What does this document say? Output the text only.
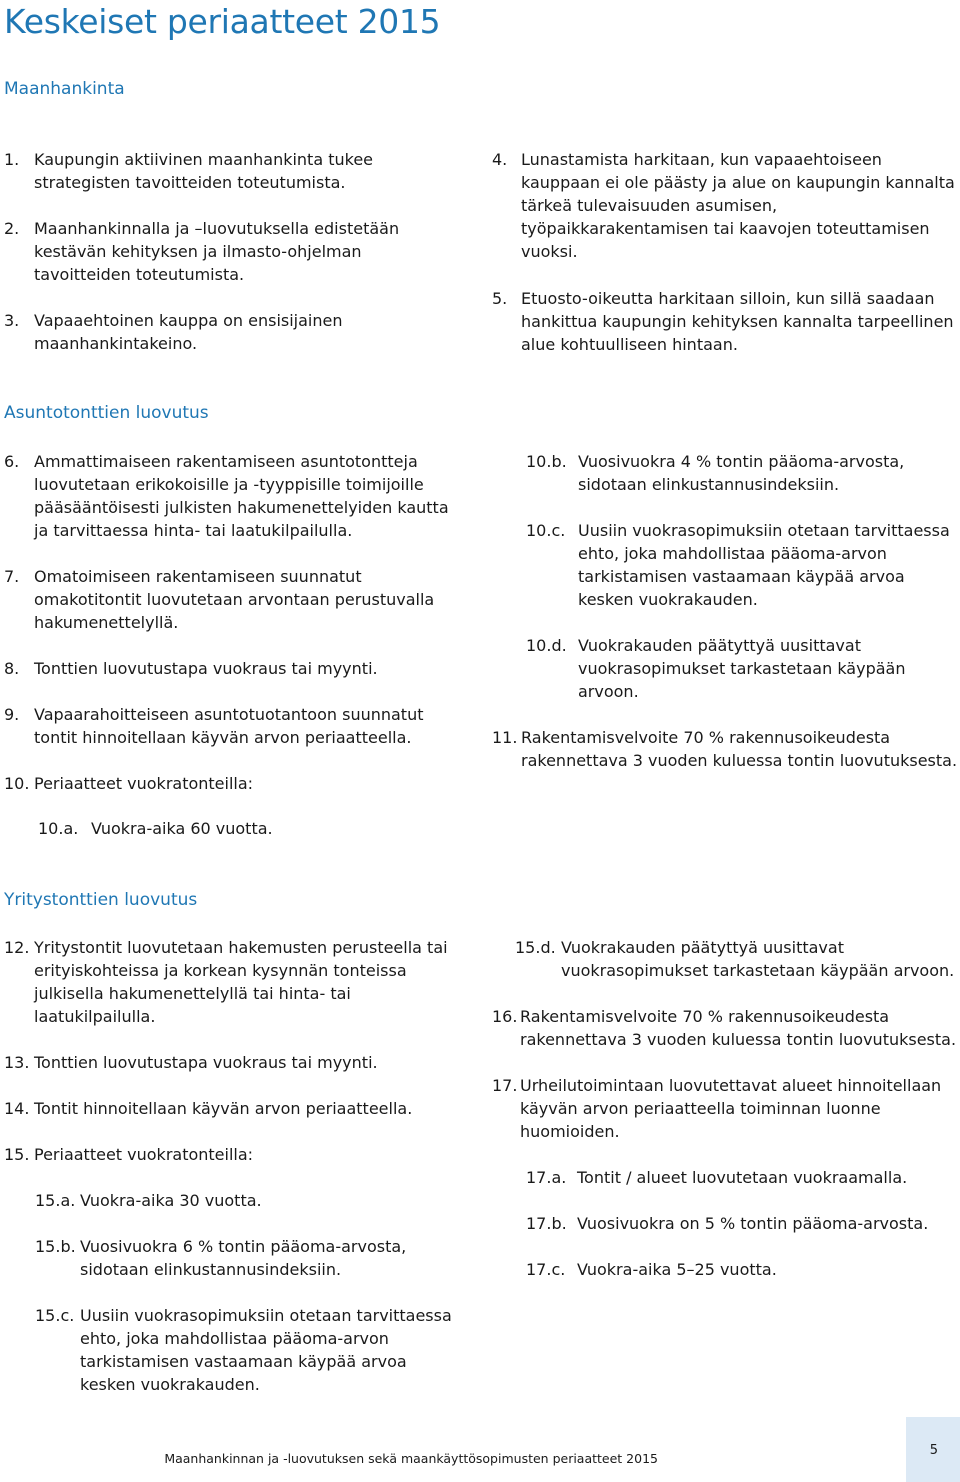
Keskeiset periaatteet 2015
Maanhankinta
1. Kaupungin aktiivinen maanhankinta tukee strategisten tavoitteiden toteutumista.
2. Maanhankinnalla ja –luovutuksella edistetään kestävän kehityksen ja ilmasto-ohjelman tavoitteiden toteutumista.
3. Vapaaehtoinen kauppa on ensisijainen maanhankintakeino.
4. Lunastamista harkitaan, kun vapaaehtoiseen kauppaan ei ole päästy ja alue on kaupungin kannalta tärkeä tulevaisuuden asumisen, työpaikkarakentamisen tai kaavojen toteuttamisen vuoksi.
5. Etuosto-oikeutta harkitaan silloin, kun sillä saadaan hankittua kaupungin kehityksen kannalta tarpeellinen alue kohtuulliseen hintaan.
Asuntotonttien luovutus
6. Ammattimaiseen rakentamiseen asuntotontteja luovutetaan erikokoisille ja -tyyppisille toimijoille pääsääntöisesti julkisten hakumenettelyiden kautta ja tarvittaessa hinta- tai laatukilpailulla.
7. Omatoimiseen rakentamiseen suunnatut omakotitontit luovutetaan arvontaan perustuvalla hakumenettelyllä.
8. Tonttien luovutustapa vuokraus tai myynti.
9. Vapaarahoitteiseen asuntotuotantoon suunnatut tontit hinnoitellaan käyvän arvon periaatteella.
10. Periaatteet vuokratonteilla:
10.a. Vuokra-aika 60 vuotta.
10.b. Vuosivuokra 4 % tontin pääoma-arvosta, sidotaan elinkustannusindeksiin.
10.c. Uusiin vuokrasopimuksiin otetaan tarvittaessa ehto, joka mahdollistaa pääoma-arvon tarkistamisen vastaamaan käypää arvoa kesken vuokrakauden.
10.d. Vuokrakauden päätyttyä uusittavat vuokrasopimukset tarkastetaan käypään arvoon.
11. Rakentamisvelvoite 70 % rakennusoikeudesta rakennettava 3 vuoden kuluessa tontin luovutuksesta.
Yritystonttien luovutus
12. Yritystontit luovutetaan hakemusten perusteella tai erityiskohteissa ja korkean kysynnän tonteissa julkisella hakumenettelyllä tai hinta- tai laatukilpailulla.
13. Tonttien luovutustapa vuokraus tai myynti.
14. Tontit hinnoitellaan käyvän arvon periaatteella.
15. Periaatteet vuokratonteilla:
15.a. Vuokra-aika 30 vuotta.
15.b. Vuosivuokra 6 % tontin pääoma-arvosta, sidotaan elinkustannusindeksiin.
15.c. Uusiin vuokrasopimuksiin otetaan tarvittaessa ehto, joka mahdollistaa pääoma-arvon tarkistamisen vastaamaan käypää arvoa kesken vuokrakauden.
15.d. Vuokrakauden päätyttyä uusittavat vuokrasopimukset tarkastetaan käypään arvoon.
16. Rakentamisvelvoite 70 % rakennusoikeudesta rakennettava 3 vuoden kuluessa tontin luovutuksesta.
17. Urheilutoimintaan luovutettavat alueet hinnoitellaan käyvän arvon periaatteella toiminnan luonne huomioiden.
17.a. Tontit / alueet luovutetaan vuokraamalla.
17.b. Vuosivuokra on 5 % tontin pääoma-arvosta.
17.c. Vuokra-aika 5–25 vuotta.
5
Maanhankinnan ja -luovutuksen sekä maankäyttösopimusten periaatteet 2015
